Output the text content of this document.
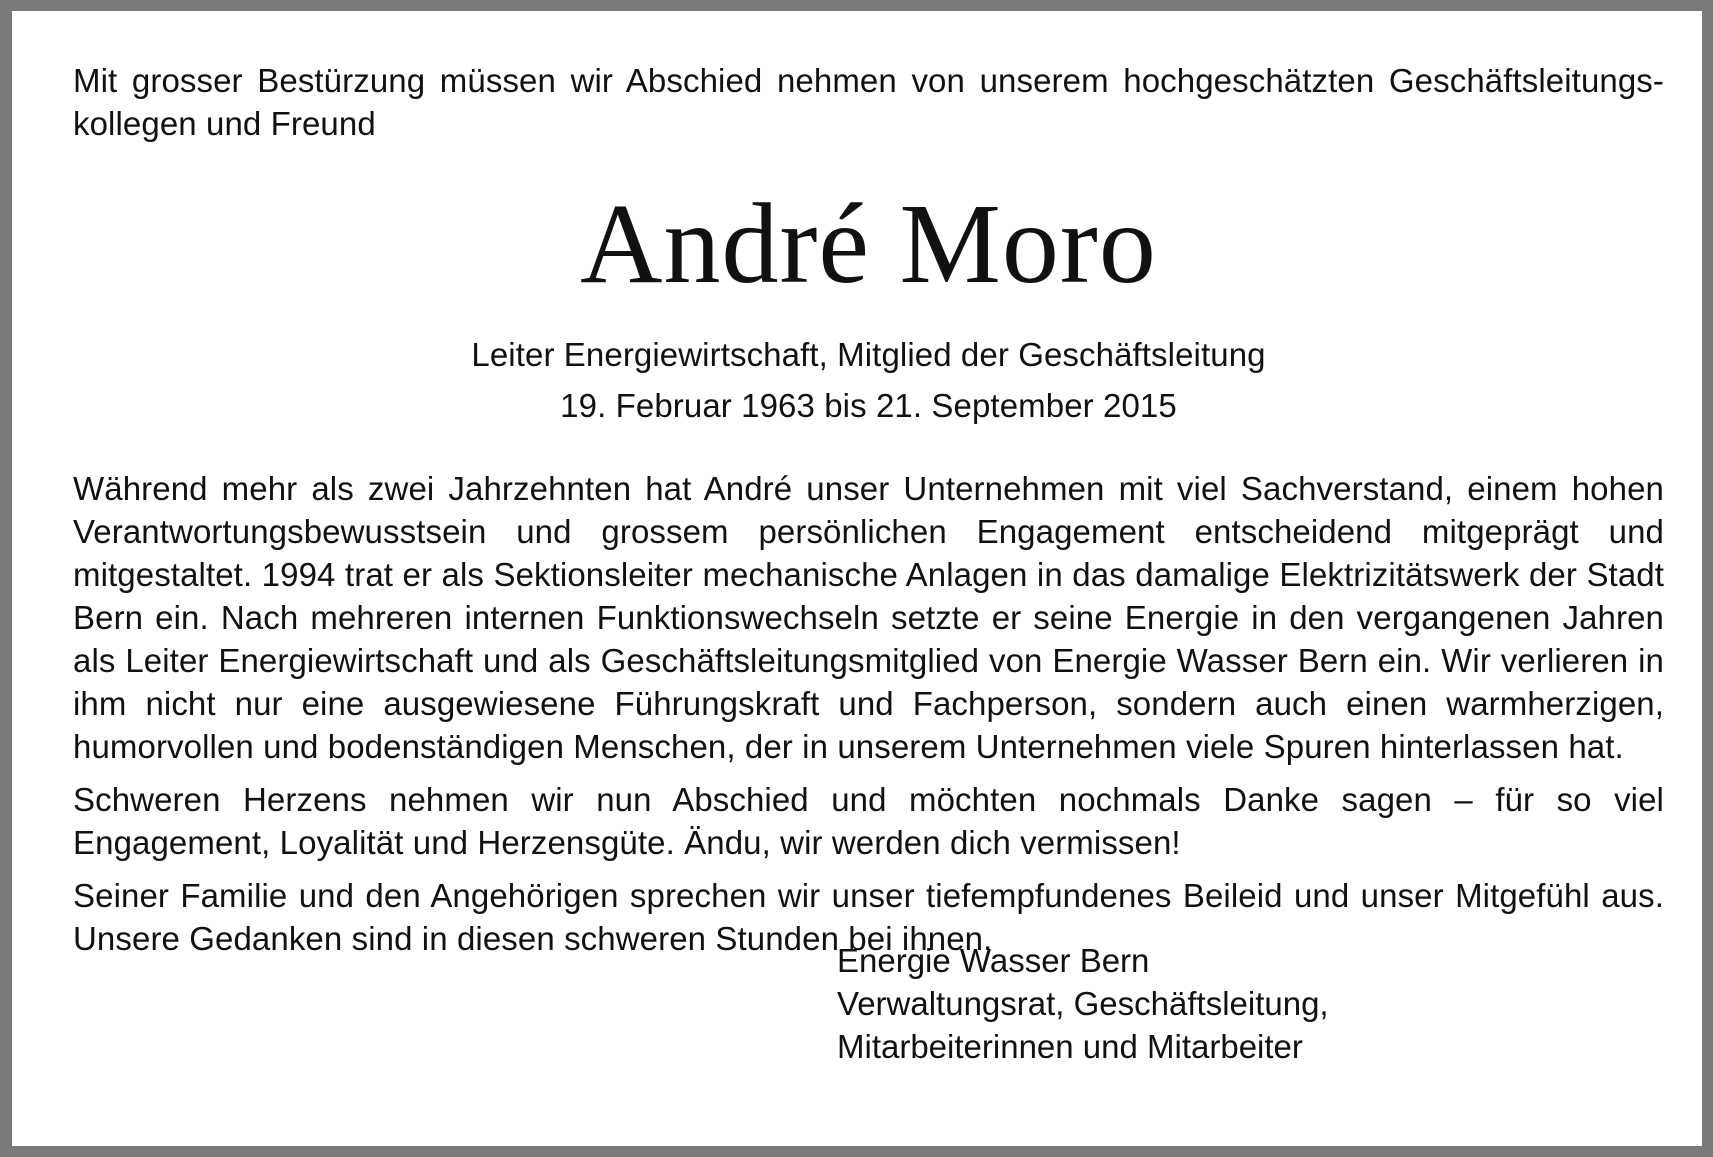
Mit grosser Bestürzung müssen wir Abschied nehmen von unserem hochgeschätzten Geschäftsleitungs-kollegen und Freund

André Moro

Leiter Energiewirtschaft, Mitglied der Geschäftsleitung

19. Februar 1963 bis 21. September 2015

Während mehr als zwei Jahrzehnten hat André unser Unternehmen mit viel Sachverstand, einem hohen Verantwortungsbewusstsein und grossem persönlichen Engagement entscheidend mitgeprägt und mitgestaltet. 1994 trat er als Sektionsleiter mechanische Anlagen in das damalige Elektrizitätswerk der Stadt Bern ein. Nach mehreren internen Funktionswechseln setzte er seine Energie in den vergangenen Jahren als Leiter Energiewirtschaft und als Geschäftsleitungsmitglied von Energie Wasser Bern ein. Wir verlieren in ihm nicht nur eine ausgewiesene Führungskraft und Fachperson, sondern auch einen warmherzigen, humorvollen und bodenständigen Menschen, der in unserem Unternehmen viele Spuren hinterlassen hat.

Schweren Herzens nehmen wir nun Abschied und möchten nochmals Danke sagen – für so viel Engagement, Loyalität und Herzensgüte. Ändu, wir werden dich vermissen!

Seiner Familie und den Angehörigen sprechen wir unser tiefempfundenes Beileid und unser Mitgefühl aus. Unsere Gedanken sind in diesen schweren Stunden bei ihnen.

Energie Wasser Bern
Verwaltungsrat, Geschäftsleitung,
Mitarbeiterinnen und Mitarbeiter
